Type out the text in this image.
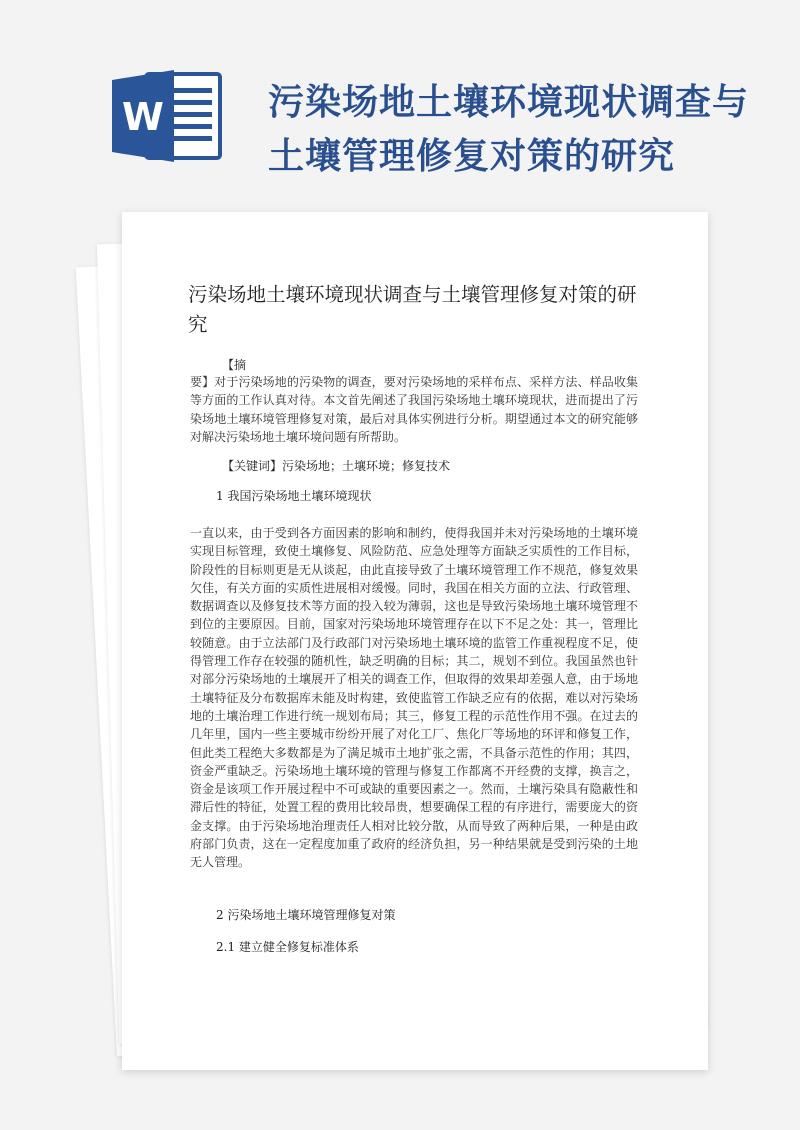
W	污染场地土壤环境现状调查与
土壤管理修复对策的研究
污染场地土壤环境现状调查与土壤管理修复对策的研究
【摘
要】对于污染场地的污染物的调查，要对污染场地的采样布点、采样方法、样品收集等方面的工作认真对待。本文首先阐述了我国污染场地土壤环境现状，进而提出了污染场地土壤环境管理修复对策，最后对具体实例进行分析。期望通过本文的研究能够对解决污染场地土壤环境问题有所帮助。
【关键词】污染场地；土壤环境；修复技术
1 我国污染场地土壤环境现状
一直以来，由于受到各方面因素的影响和制约，使得我国并未对污染场地的土壤环境实现目标管理，致使土壤修复、风险防范、应急处理等方面缺乏实质性的工作目标，阶段性的目标则更是无从谈起，由此直接导致了土壤环境管理工作不规范，修复效果欠佳，有关方面的实质性进展相对缓慢。同时，我国在相关方面的立法、行政管理、数据调查以及修复技术等方面的投入较为薄弱，这也是导致污染场地土壤环境管理不到位的主要原因。目前，国家对污染场地环境管理存在以下不足之处：其一，管理比较随意。由于立法部门及行政部门对污染场地土壤环境的监管工作重视程度不足，使得管理工作存在较强的随机性，缺乏明确的目标；其二，规划不到位。我国虽然也针对部分污染场地的土壤展开了相关的调查工作，但取得的效果却差强人意，由于场地土壤特征及分布数据库未能及时构建，致使监管工作缺乏应有的依据，难以对污染场地的土壤治理工作进行统一规划布局；其三，修复工程的示范性作用不强。在过去的几年里，国内一些主要城市纷纷开展了对化工厂、焦化厂等场地的环评和修复工作，但此类工程绝大多数都是为了满足城市土地扩张之需，不具备示范性的作用；其四，资金严重缺乏。污染场地土壤环境的管理与修复工作都离不开经费的支撑，换言之，资金是该项工作开展过程中不可或缺的重要因素之一。然而，土壤污染具有隐蔽性和滞后性的特征，处置工程的费用比较昂贵，想要确保工程的有序进行，需要庞大的资金支撑。由于污染场地治理责任人相对比较分散，从而导致了两种后果，一种是由政府部门负责，这在一定程度加重了政府的经济负担，另一种结果就是受到污染的土地无人管理。
2 污染场地土壤环境管理修复对策
2.1 建立健全修复标准体系
